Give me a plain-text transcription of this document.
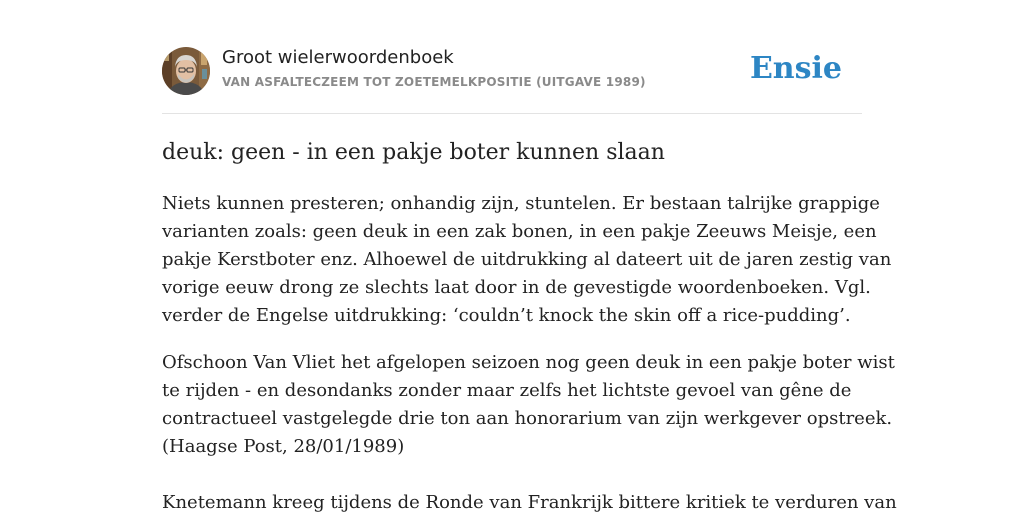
Groot wielerwoordenboek
VAN ASFALTECZEEM TOT ZOETEMELKPOSITIE (UITGAVE 1989)	Ensie
deuk: geen - in een pakje boter kunnen slaan

Niets kunnen presteren; onhandig zijn, stuntelen. Er bestaan talrijke grappige
varianten zoals: geen deuk in een zak bonen, in een pakje Zeeuws Meisje, een
pakje Kerstboter enz. Alhoewel de uitdrukking al dateert uit de jaren zestig van
vorige eeuw drong ze slechts laat door in de gevestigde woordenboeken. Vgl.
verder de Engelse uitdrukking: ‘couldn’t knock the skin off a rice-pudding’.

Ofschoon Van Vliet het afgelopen seizoen nog geen deuk in een pakje boter wist
te rijden - en desondanks zonder maar zelfs het lichtste gevoel van gêne de
contractueel vastgelegde drie ton aan honorarium van zijn werkgever opstreek.
(Haagse Post, 28/01/1989)

Knetemann kreeg tijdens de Ronde van Frankrijk bittere kritiek te verduren van
